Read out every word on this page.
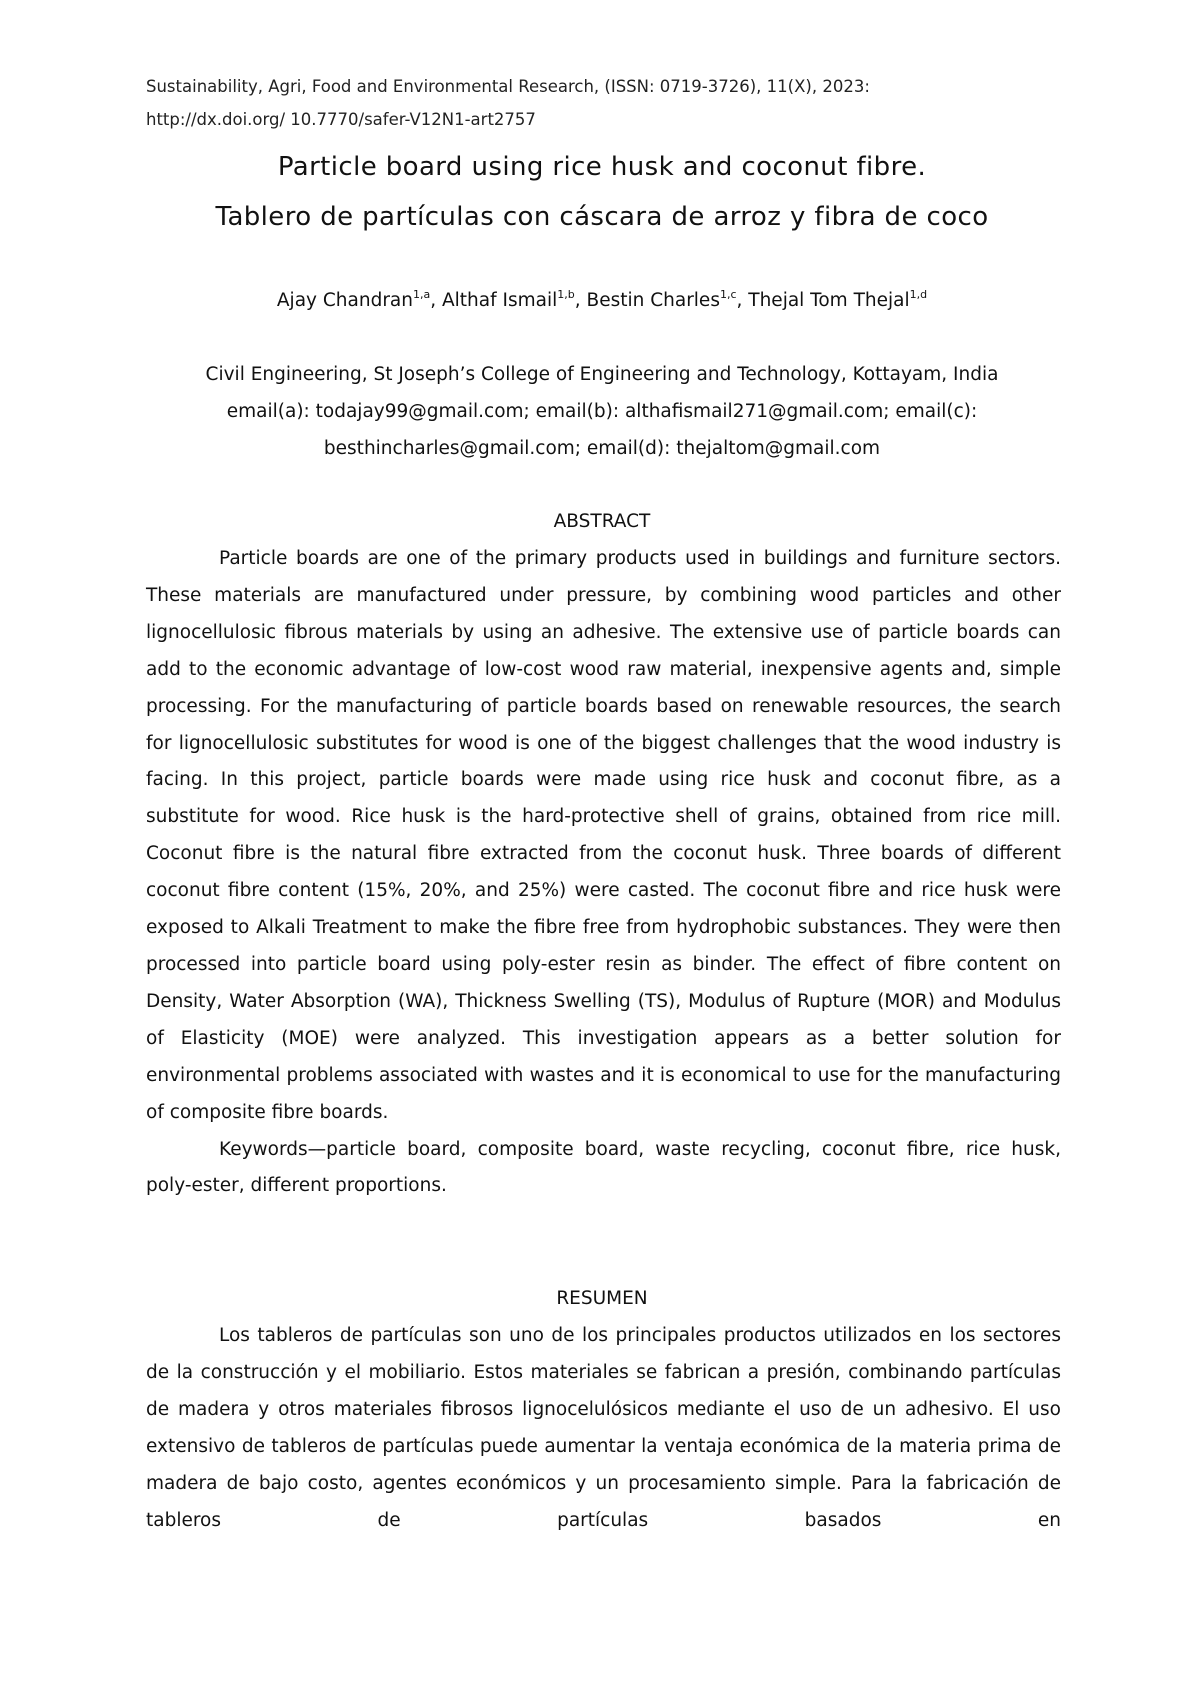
Sustainability, Agri, Food and Environmental Research, (ISSN: 0719-3726), 11(X), 2023:
http://dx.doi.org/ 10.7770/safer-V12N1-art2757
Particle board using rice husk and coconut fibre.
Tablero de partículas con cáscara de arroz y fibra de coco
Ajay Chandran$^{1,a}$, Althaf Ismail$^{1,b}$, Bestin Charles$^{1,c}$, Thejal Tom Thejal$^{1,d}$
Civil Engineering, St Joseph’s College of Engineering and Technology, Kottayam, India
email(a): todajay99@gmail.com; email(b): althafismail271@gmail.com; email(c):
besthincharles@gmail.com; email(d): thejaltom@gmail.com
ABSTRACT

Particle boards are one of the primary products used in buildings and furniture sectors. These materials are manufactured under pressure, by combining wood particles and other lignocellulosic fibrous materials by using an adhesive. The extensive use of particle boards can add to the economic advantage of low-cost wood raw material, inexpensive agents and, simple processing. For the manufacturing of particle boards based on renewable resources, the search for lignocellulosic substitutes for wood is one of the biggest challenges that the wood industry is facing. In this project, particle boards were made using rice husk and coconut fibre, as a substitute for wood. Rice husk is the hard-protective shell of grains, obtained from rice mill. Coconut fibre is the natural fibre extracted from the coconut husk. Three boards of different coconut fibre content (15%, 20%, and 25%) were casted. The coconut fibre and rice husk were exposed to Alkali Treatment to make the fibre free from hydrophobic substances. They were then processed into particle board using poly-ester resin as binder. The effect of fibre content on Density, Water Absorption (WA), Thickness Swelling (TS), Modulus of Rupture (MOR) and Modulus of Elasticity (MOE) were analyzed. This investigation appears as a better solution for environmental problems associated with wastes and it is economical to use for the manufacturing of composite fibre boards.

Keywords—particle board, composite board, waste recycling, coconut fibre, rice husk, poly-ester, different proportions.

RESUMEN

Los tableros de partículas son uno de los principales productos utilizados en los sectores de la construcción y el mobiliario. Estos materiales se fabrican a presión, combinando partículas de madera y otros materiales fibrosos lignocelulósicos mediante el uso de un adhesivo. El uso extensivo de tableros de partículas puede aumentar la ventaja económica de la materia prima de madera de bajo costo, agentes económicos y un procesamiento simple. Para la fabricación de tableros de partículas basados en
